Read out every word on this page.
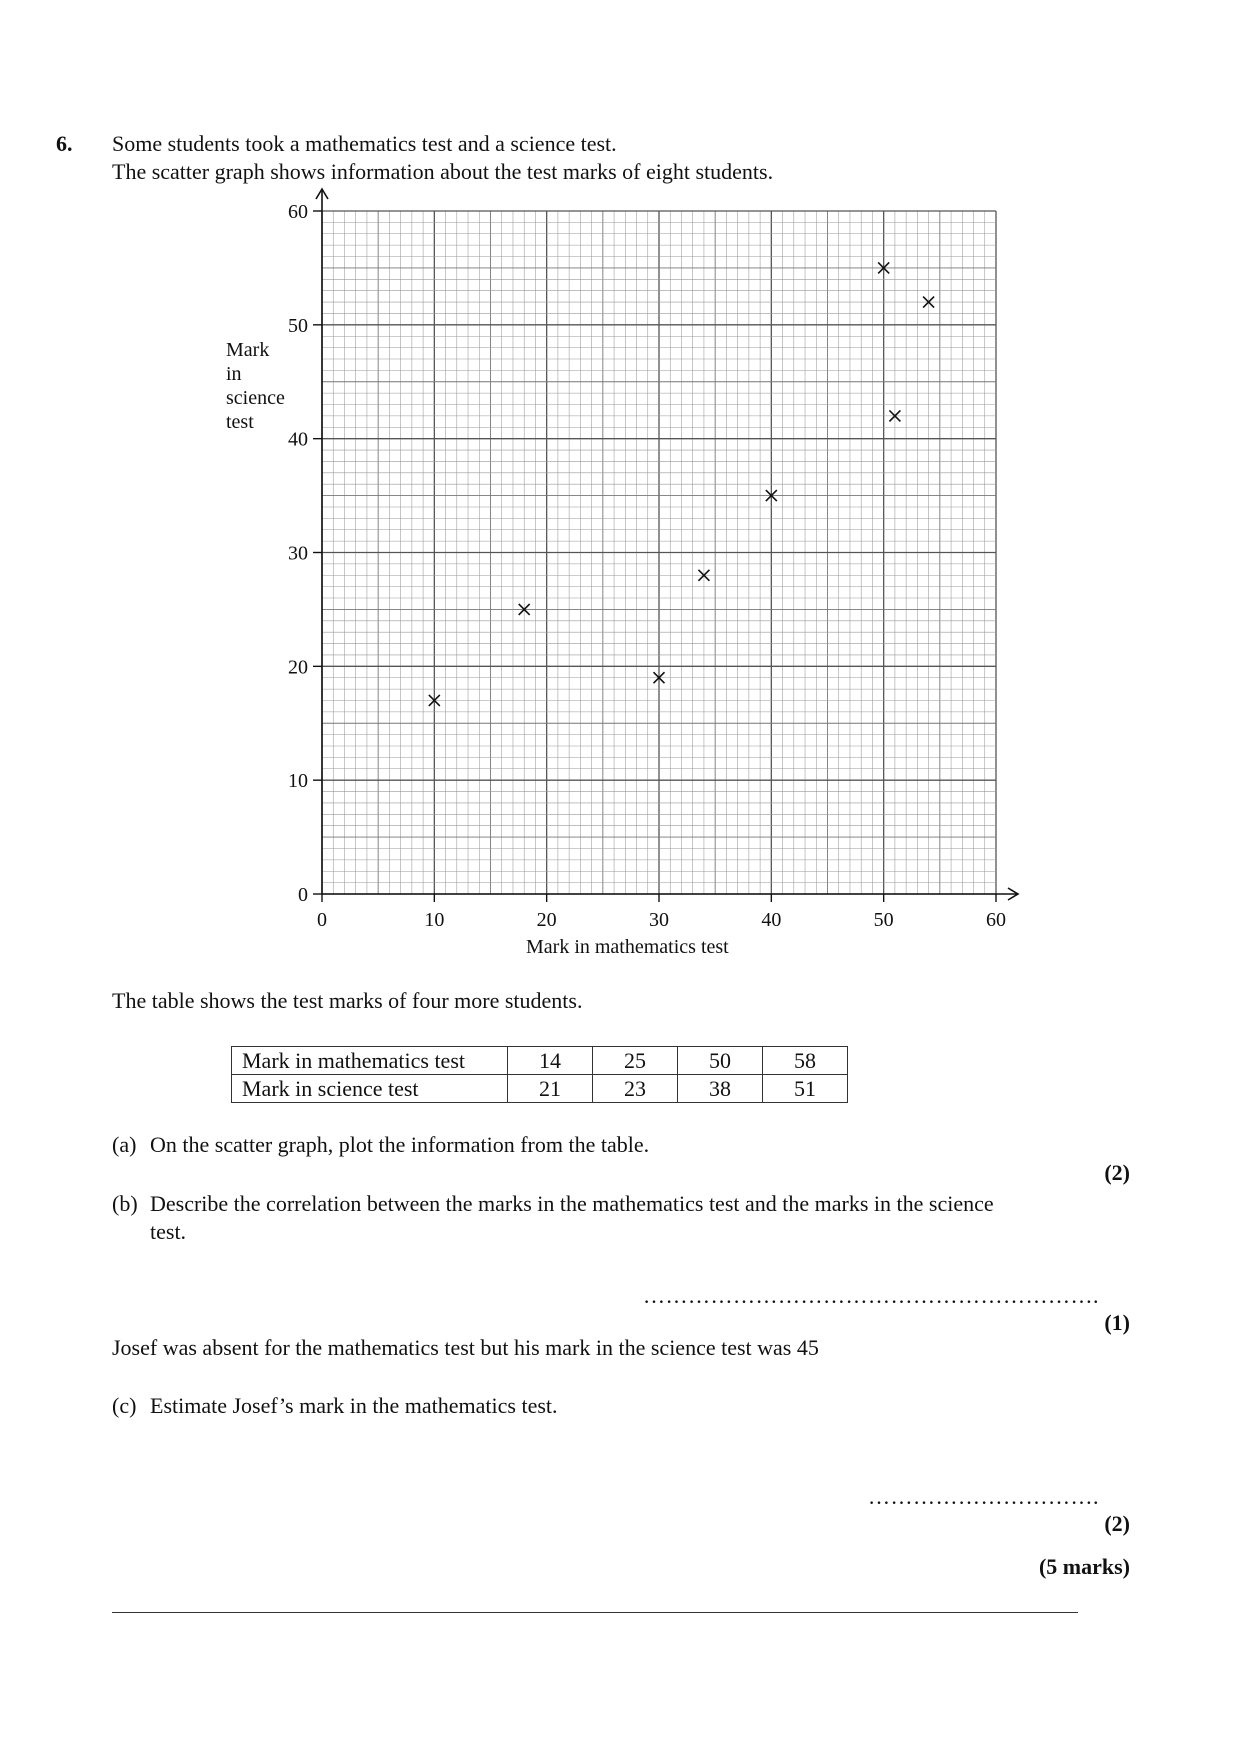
6. Some students took a mathematics test and a science test.
The scatter graph shows information about the test marks of eight students.
0	10	20	30	40	50	60
0
10
20
30
40
50
60
Mark
in
science
test
Mark in mathematics test
The table shows the test marks of four more students.
Mark in mathematics test	14	25	50	58
Mark in science test	21	23	38	51
(a) On the scatter graph, plot the information from the table.
(2)
(b) Describe the correlation between the marks in the mathematics test and the marks in the science
test.
…………………………………………………….
(1)
Josef was absent for the mathematics test but his mark in the science test was 45
(c) Estimate Josef’s mark in the mathematics test.
………………………….
(2)
(5 marks)
